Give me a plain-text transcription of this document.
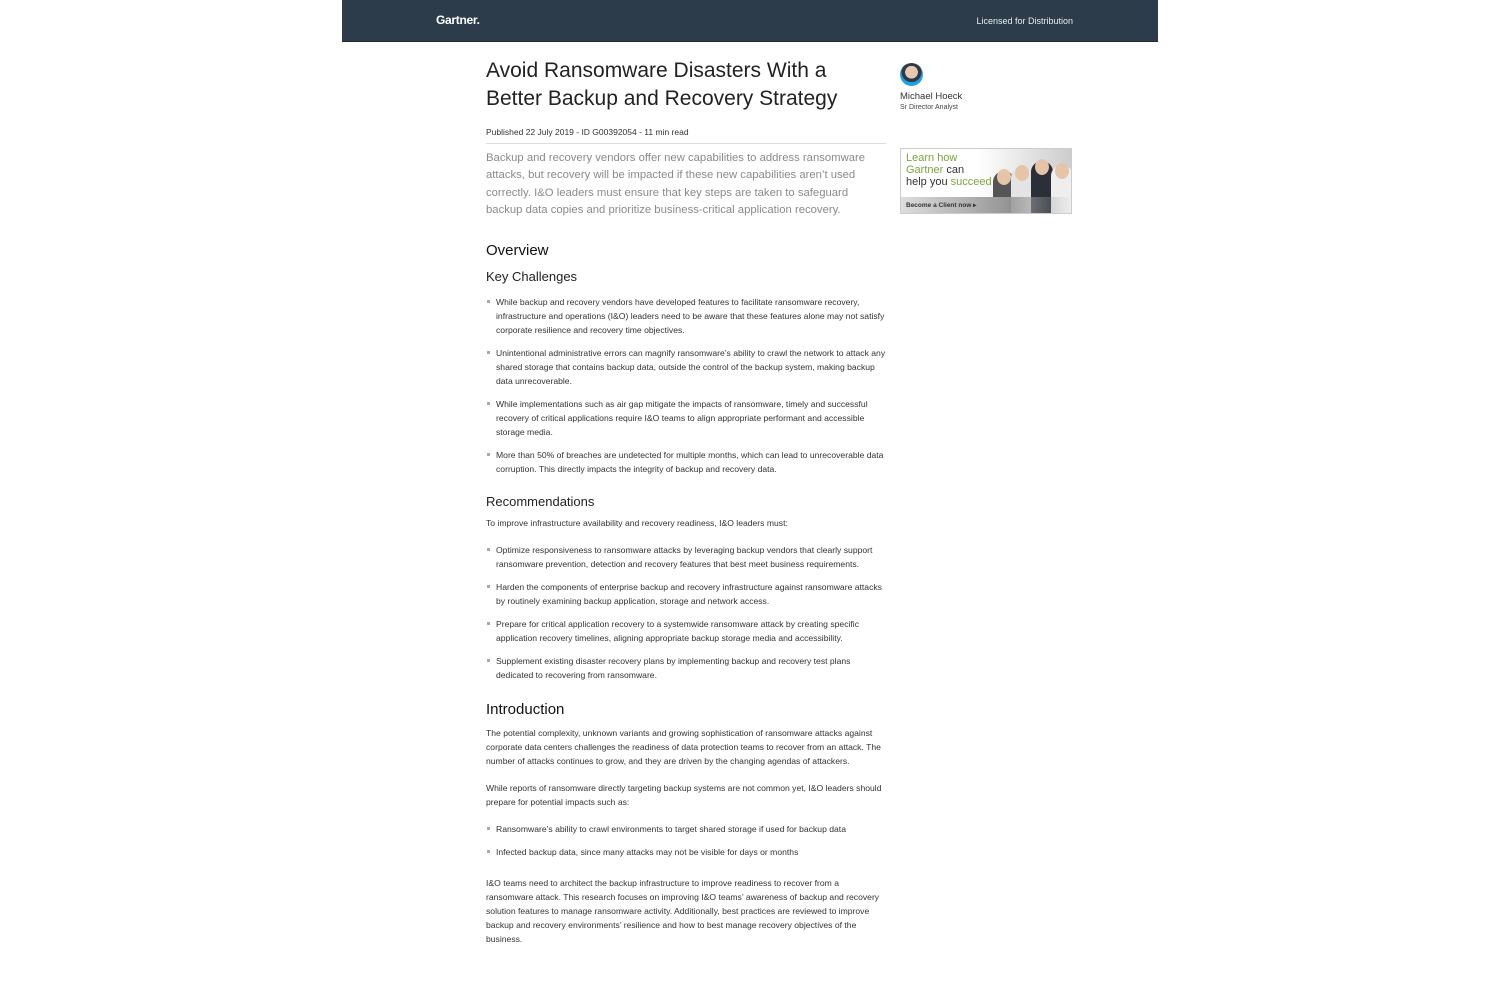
Gartner.	Licensed for Distribution
Avoid Ransomware Disasters With a Better Backup and Recovery Strategy
Published 22 July 2019 - ID G00392054 - 11 min read
Backup and recovery vendors offer new capabilities to address ransomware attacks, but recovery will be impacted if these new capabilities aren’t used correctly. I&O leaders must ensure that key steps are taken to safeguard backup data copies and prioritize business-critical application recovery.
Overview
Key Challenges
While backup and recovery vendors have developed features to facilitate ransomware recovery, infrastructure and operations (I&O) leaders need to be aware that these features alone may not satisfy corporate resilience and recovery time objectives.
Unintentional administrative errors can magnify ransomware’s ability to crawl the network to attack any shared storage that contains backup data, outside the control of the backup system, making backup data unrecoverable.
While implementations such as air gap mitigate the impacts of ransomware, timely and successful recovery of critical applications require I&O teams to align appropriate performant and accessible storage media.
More than 50% of breaches are undetected for multiple months, which can lead to unrecoverable data corruption. This directly impacts the integrity of backup and recovery data.
Recommendations

To improve infrastructure availability and recovery readiness, I&O leaders must:

Optimize responsiveness to ransomware attacks by leveraging backup vendors that clearly support ransomware prevention, detection and recovery features that best meet business requirements.
Harden the components of enterprise backup and recovery infrastructure against ransomware attacks by routinely examining backup application, storage and network access.
Prepare for critical application recovery to a systemwide ransomware attack by creating specific application recovery timelines, aligning appropriate backup storage media and accessibility.
Supplement existing disaster recovery plans by implementing backup and recovery test plans dedicated to recovering from ransomware.
Introduction

The potential complexity, unknown variants and growing sophistication of ransomware attacks against corporate data centers challenges the readiness of data protection teams to recover from an attack. The number of attacks continues to grow, and they are driven by the changing agendas of attackers.

While reports of ransomware directly targeting backup systems are not common yet, I&O leaders should prepare for potential impacts such as:

Ransomware’s ability to crawl environments to target shared storage if used for backup data
Infected backup data, since many attacks may not be visible for days or months

I&O teams need to architect the backup infrastructure to improve readiness to recover from a ransomware attack. This research focuses on improving I&O teams’ awareness of backup and recovery solution features to manage ransomware activity. Additionally, best practices are reviewed to improve backup and recovery environments’ resilience and how to best manage recovery objectives of the business.

Michael Hoeck
Sr Director Analyst
Learn how
Gartner can
help you succeed
Become a Client now ▸
